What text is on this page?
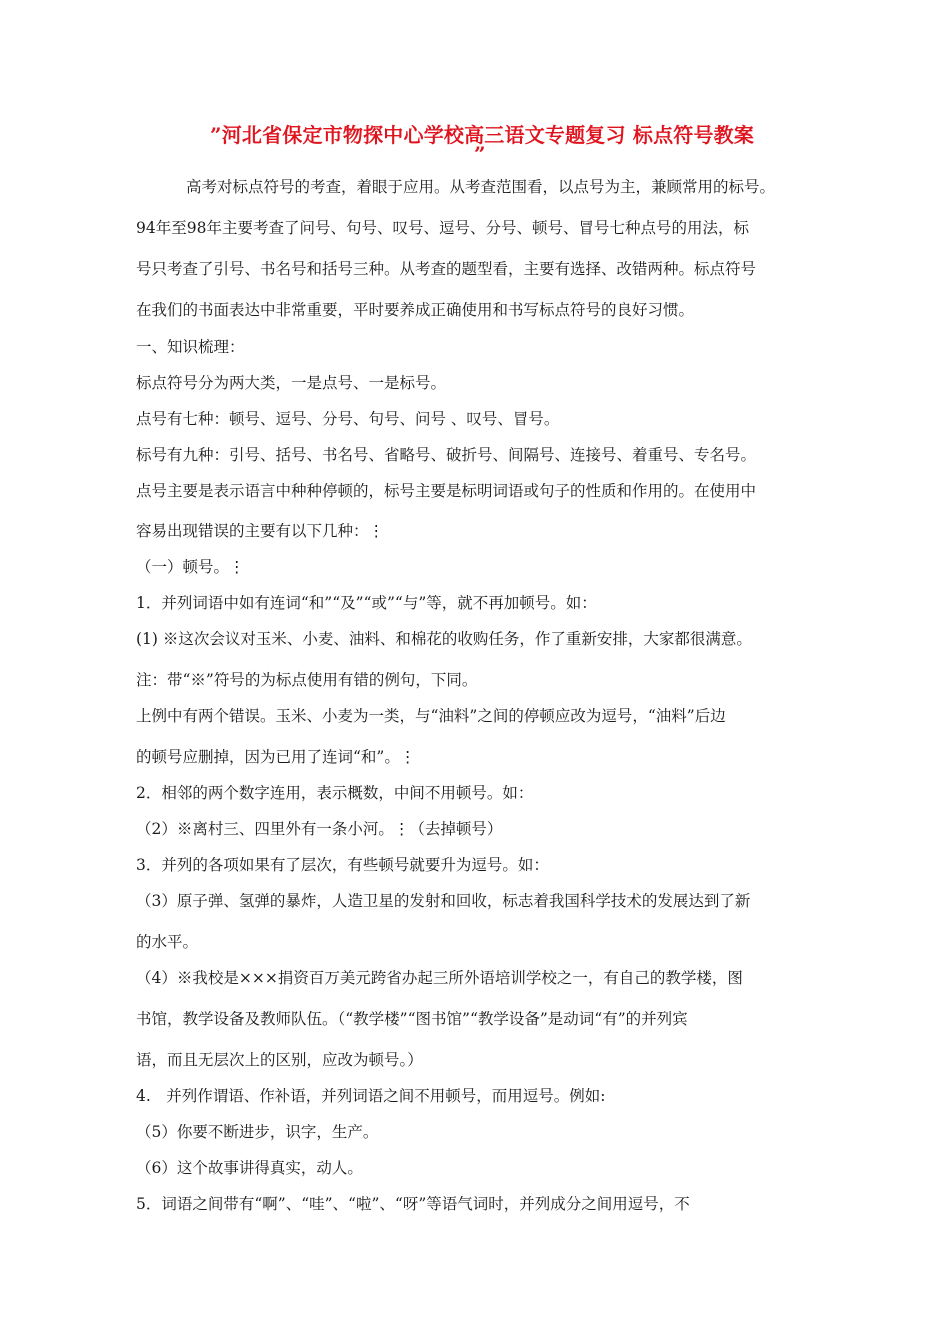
”河北省保定市物探中心学校高三语文专题复习 标点符号教案
”
高考对标点符号的考查，着眼于应用。从考查范围看，以点号为主，兼顾常用的标号。
94年至98年主要考查了问号、句号、叹号、逗号、分号、顿号、冒号七种点号的用法，标
号只考查了引号、书名号和括号三种。从考查的题型看，主要有选择、改错两种。标点符号
在我们的书面表达中非常重要，平时要养成正确使用和书写标点符号的良好习惯。
一、知识梳理：
标点符号分为两大类，一是点号、一是标号。
点号有七种：顿号、逗号、分号、句号、问号 、叹号、冒号。
标号有九种：引号、括号、书名号、省略号、破折号、间隔号、连接号、着重号、专名号。
点号主要是表示语言中种种停顿的，标号主要是标明词语或句子的性质和作用的。在使用中
容易出现错误的主要有以下几种：⋮
（一）顿号。⋮
1．并列词语中如有连词“和”“及”“或”“与”等，就不再加顿号。如：
(1) ※这次会议对玉米、小麦、油料、和棉花的收购任务，作了重新安排，大家都很满意。
注：带“※”符号的为标点使用有错的例句，下同。
上例中有两个错误。玉米、小麦为一类，与“油料”之间的停顿应改为逗号，“油料”后边
的顿号应删掉，因为已用了连词“和”。⋮
2．相邻的两个数字连用，表示概数，中间不用顿号。如：
（2）※离村三、四里外有一条小河。⋮（去掉顿号）
3．并列的各项如果有了层次，有些顿号就要升为逗号。如：
（3）原子弹、氢弹的暴炸，人造卫星的发射和回收，标志着我国科学技术的发展达到了新
的水平。
（4）※我校是×××捐资百万美元跨省办起三所外语培训学校之一，有自己的教学楼，图
书馆，教学设备及教师队伍。（“教学楼”“图书馆”“教学设备”是动词“有”的并列宾
语，而且无层次上的区别，应改为顿号。）
4.　并列作谓语、作补语，并列词语之间不用顿号，而用逗号。例如:
（5）你要不断进步，识字，生产。
（6）这个故事讲得真实，动人。
5．词语之间带有“啊”、“哇”、“啦”、“呀”等语气词时，并列成分之间用逗号，不
